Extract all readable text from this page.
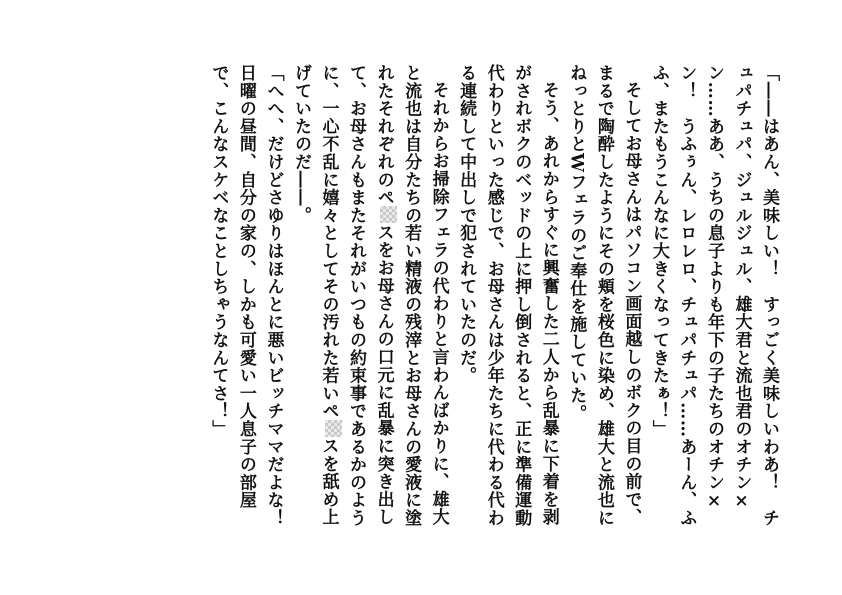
「――はあん、美味しい！　すっごく美味しいわあ！　チュパチュパ、ジュルジュル、雄大君と流也君のオチン×ン……ああ、うちの息子よりも年下の子たちのオチン×ン！　うふぅん、レロレロ、チュパチュパ……あーん、ふふ、またもうこんなに大きくなってきたぁ！」

そしてお母さんはパソコン画面越しのボクの目の前で、まるで陶酔したようにその頬を桜色に染め、雄大と流也にねっとりとWフェラのご奉仕を施していた。

そう、あれからすぐに興奮した二人から乱暴に下着を剥がされボクのベッドの上に押し倒されると、正に準備運動代わりといった感じで、お母さんは少年たちに代わる代わる連続して中出しで犯されていたのだ。

それからお掃除フェラの代わりと言わんばかりに、雄大と流也は自分たちの若い精液の残滓とお母さんの愛液に塗れたそれぞれのペスをお母さんの口元に乱暴に突き出して、お母さんもまたそれがいつもの約束事であるかのように、一心不乱に嬉々としてその汚れた若いペスを舐め上げていたのだ――。

「へへ、だけどさゆりはほんとに悪いビッチママだよな！　日曜の昼間、自分の家の、しかも可愛い一人息子の部屋で、こんなスケベなことしちゃうなんてさ！」
